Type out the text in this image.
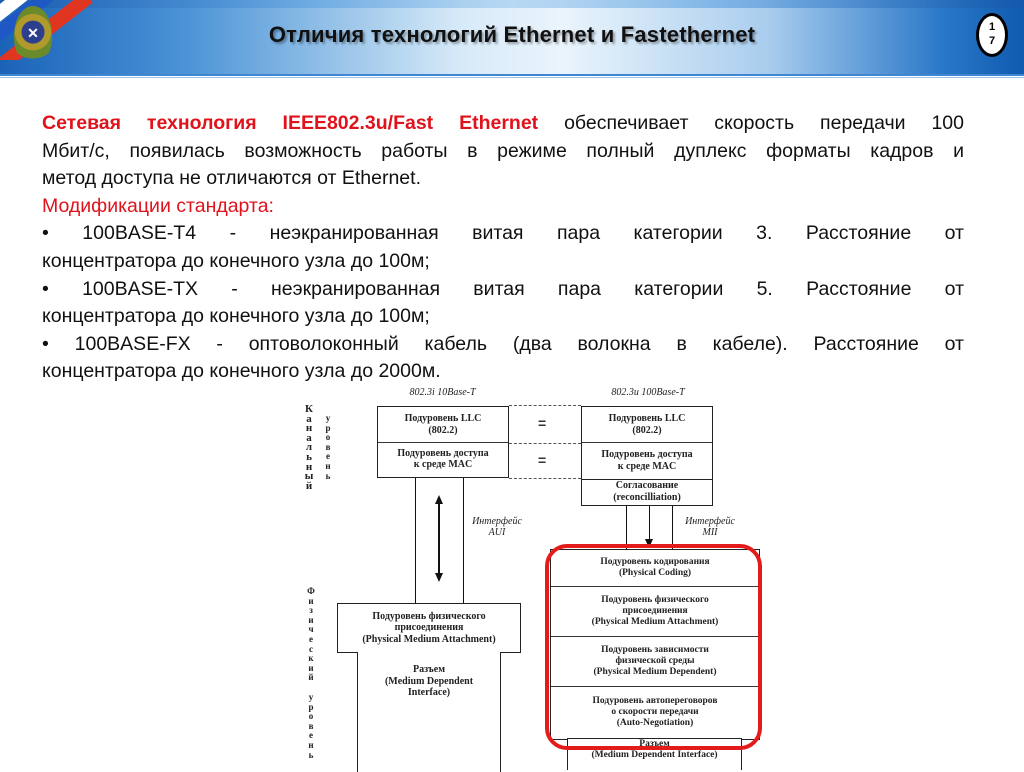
✕	Отличия технологий Ethernet и Fastethernet	1
7

Сетевая технология IEEE802.3u/Fast Ethernet обеспечивает скорость передачи 100

Мбит/с, появилась возможность работы в режиме полный дуплекс форматы кадров и

метод доступа не отличаются от Ethernet.

Модификации стандарта:

• 100BASE-T4 - неэкранированная витая пара категории 3. Расстояние от

концентратора до конечного узла до 100м;

• 100BASE-TX - неэкранированная витая пара категории 5. Расстояние от

концентратора до конечного узла до 100м;

• 100BASE-FX - оптоволоконный кабель (два волокна в кабеле). Расстояние от

концентратора до конечного узла до 2000м.

К
а
н
а
л
ь
н
ы
й
у
р
о
в
е
н
ь
Ф
и
з
и
ч
е
с
к
и
й
у
р
о
в
е
н
ь
802.3i 10Base-T
Подуровень LLC
(802.2)
Подуровень доступа
к среде MAC
=
=
Интерфейс
AUI
Подуровень физического
присоединения
(Physical Medium Attachment)
Разъем
(Medium Dependent
Interface)
802.3u 100Base-T
Подуровень LLC
(802.2)
Подуровень доступа
к среде MAC
Согласование
(reconcilliation)
Интерфейс
MII
Подуровень кодирования
(Physical Coding)
Подуровень физического
присоединения
(Physical Medium Attachment)
Подуровень зависимости
физической среды
(Physical Medium Dependent)
Подуровень автопереговоров
о скорости передачи
(Auto-Negotiation)
Разъем
(Medium Dependent Interface)
